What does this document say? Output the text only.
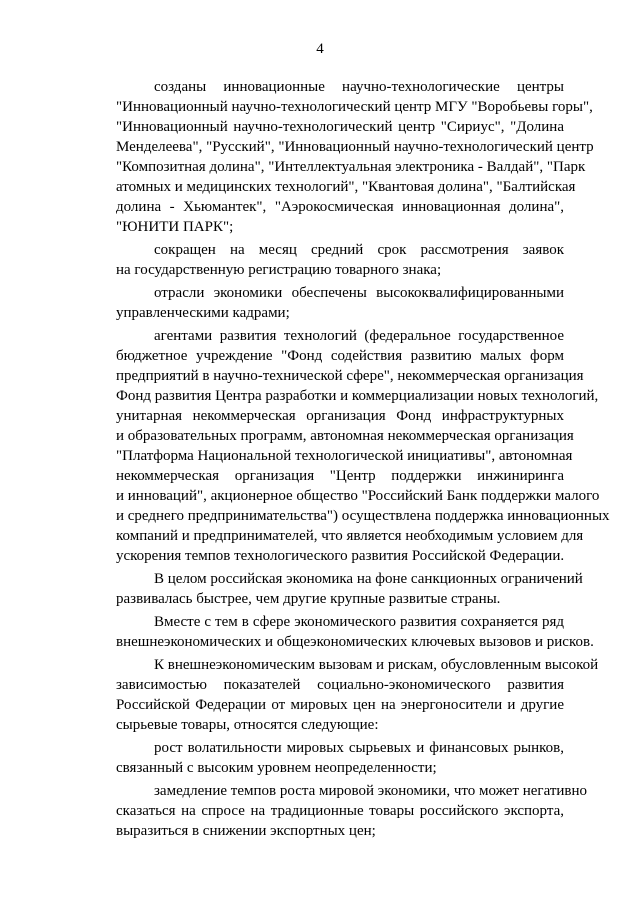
4
созданы инновационные научно-технологические центры
"Инновационный научно-технологический центр МГУ "Воробьевы горы",
"Инновационный научно-технологический центр "Сириус", "Долина
Менделеева", "Русский", "Инновационный научно-технологический центр
"Композитная долина", "Интеллектуальная электроника - Валдай", "Парк
атомных и медицинских технологий", "Квантовая долина", "Балтийская
долина - Хьюмантек", "Аэрокосмическая инновационная долина",
"ЮНИТИ ПАРК";
сокращен на месяц средний срок рассмотрения заявок
на государственную регистрацию товарного знака;
отрасли экономики обеспечены высококвалифицированными
управленческими кадрами;
агентами развития технологий (федеральное государственное
бюджетное учреждение "Фонд содействия развитию малых форм
предприятий в научно-технической сфере", некоммерческая организация
Фонд развития Центра разработки и коммерциализации новых технологий,
унитарная некоммерческая организация Фонд инфраструктурных
и образовательных программ, автономная некоммерческая организация
"Платформа Национальной технологической инициативы", автономная
некоммерческая организация "Центр поддержки инжиниринга
и инноваций", акционерное общество "Российский Банк поддержки малого
и среднего предпринимательства") осуществлена поддержка инновационных
компаний и предпринимателей, что является необходимым условием для
ускорения темпов технологического развития Российской Федерации.
В целом российская экономика на фоне санкционных ограничений
развивалась быстрее, чем другие крупные развитые страны.
Вместе с тем в сфере экономического развития сохраняется ряд
внешнеэкономических и общеэкономических ключевых вызовов и рисков.
К внешнеэкономическим вызовам и рискам, обусловленным высокой
зависимостью показателей социально-экономического развития
Российской Федерации от мировых цен на энергоносители и другие
сырьевые товары, относятся следующие:
рост волатильности мировых сырьевых и финансовых рынков,
связанный с высоким уровнем неопределенности;
замедление темпов роста мировой экономики, что может негативно
сказаться на спросе на традиционные товары российского экспорта,
выразиться в снижении экспортных цен;
